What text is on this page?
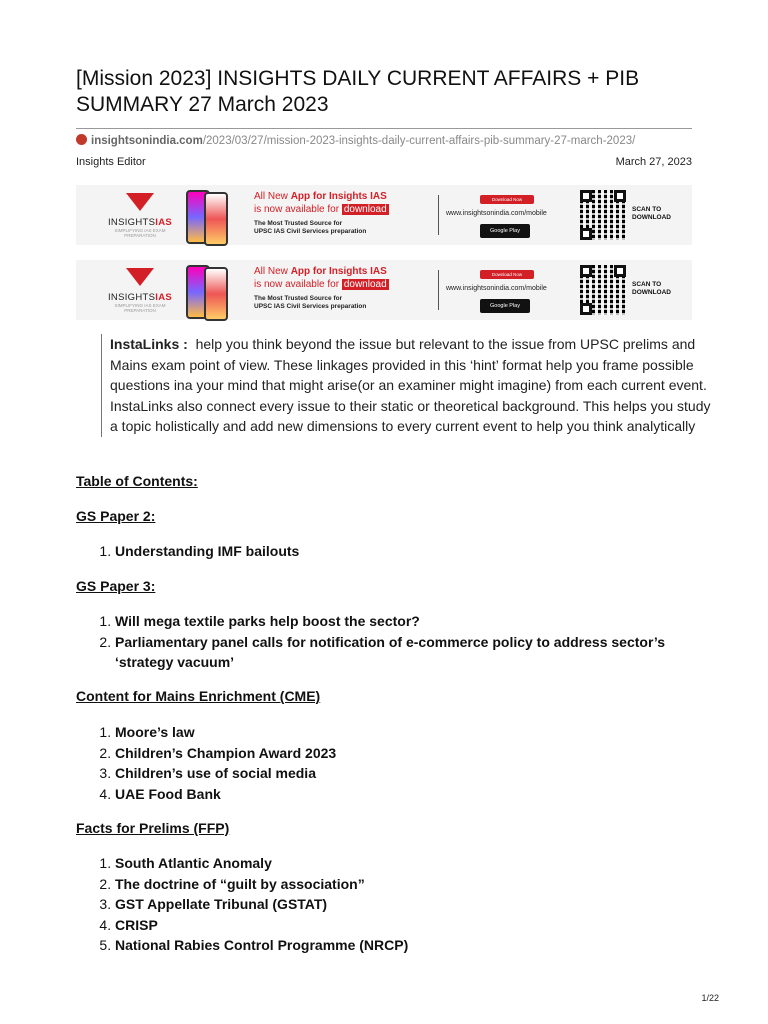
[Mission 2023] INSIGHTS DAILY CURRENT AFFAIRS + PIB SUMMARY 27 March 2023
insightsonindia.com/2023/03/27/mission-2023-insights-daily-current-affairs-pib-summary-27-march-2023/
Insights Editor	March 27, 2023
INSIGHTSIAS
SIMPLIFYING IAS EXAM PREPARATION
All New App for Insights IAS
is now available for download
The Most Trusted Source for
UPSC IAS Civil Services preparation
Download Now
www.insightsonindia.com/mobile
Google Play
SCAN TO
DOWNLOAD
INSIGHTSIAS
SIMPLIFYING IAS EXAM PREPARATION
All New App for Insights IAS
is now available for download
The Most Trusted Source for
UPSC IAS Civil Services preparation
Download Now
www.insightsonindia.com/mobile
Google Play
SCAN TO
DOWNLOAD
InstaLinks : help you think beyond the issue but relevant to the issue from UPSC prelims and Mains exam point of view. These linkages provided in this ‘hint’ format help you frame possible questions ina your mind that might arise(or an examiner might imagine) from each current event. InstaLinks also connect every issue to their static or theoretical background. This helps you study a topic holistically and add new dimensions to every current event to help you think analytically
Table of Contents:
GS Paper 2:
1. Understanding IMF bailouts
GS Paper 3:
1. Will mega textile parks help boost the sector?
2. Parliamentary panel calls for notification of e-commerce policy to address sector’s ‘strategy vacuum’
Content for Mains Enrichment (CME)
1. Moore’s law
2. Children’s Champion Award 2023
3. Children’s use of social media
4. UAE Food Bank
Facts for Prelims (FFP)
1. South Atlantic Anomaly
2. The doctrine of “guilt by association”
3. GST Appellate Tribunal (GSTAT)
4. CRISP
5. National Rabies Control Programme (NRCP)
1/22
